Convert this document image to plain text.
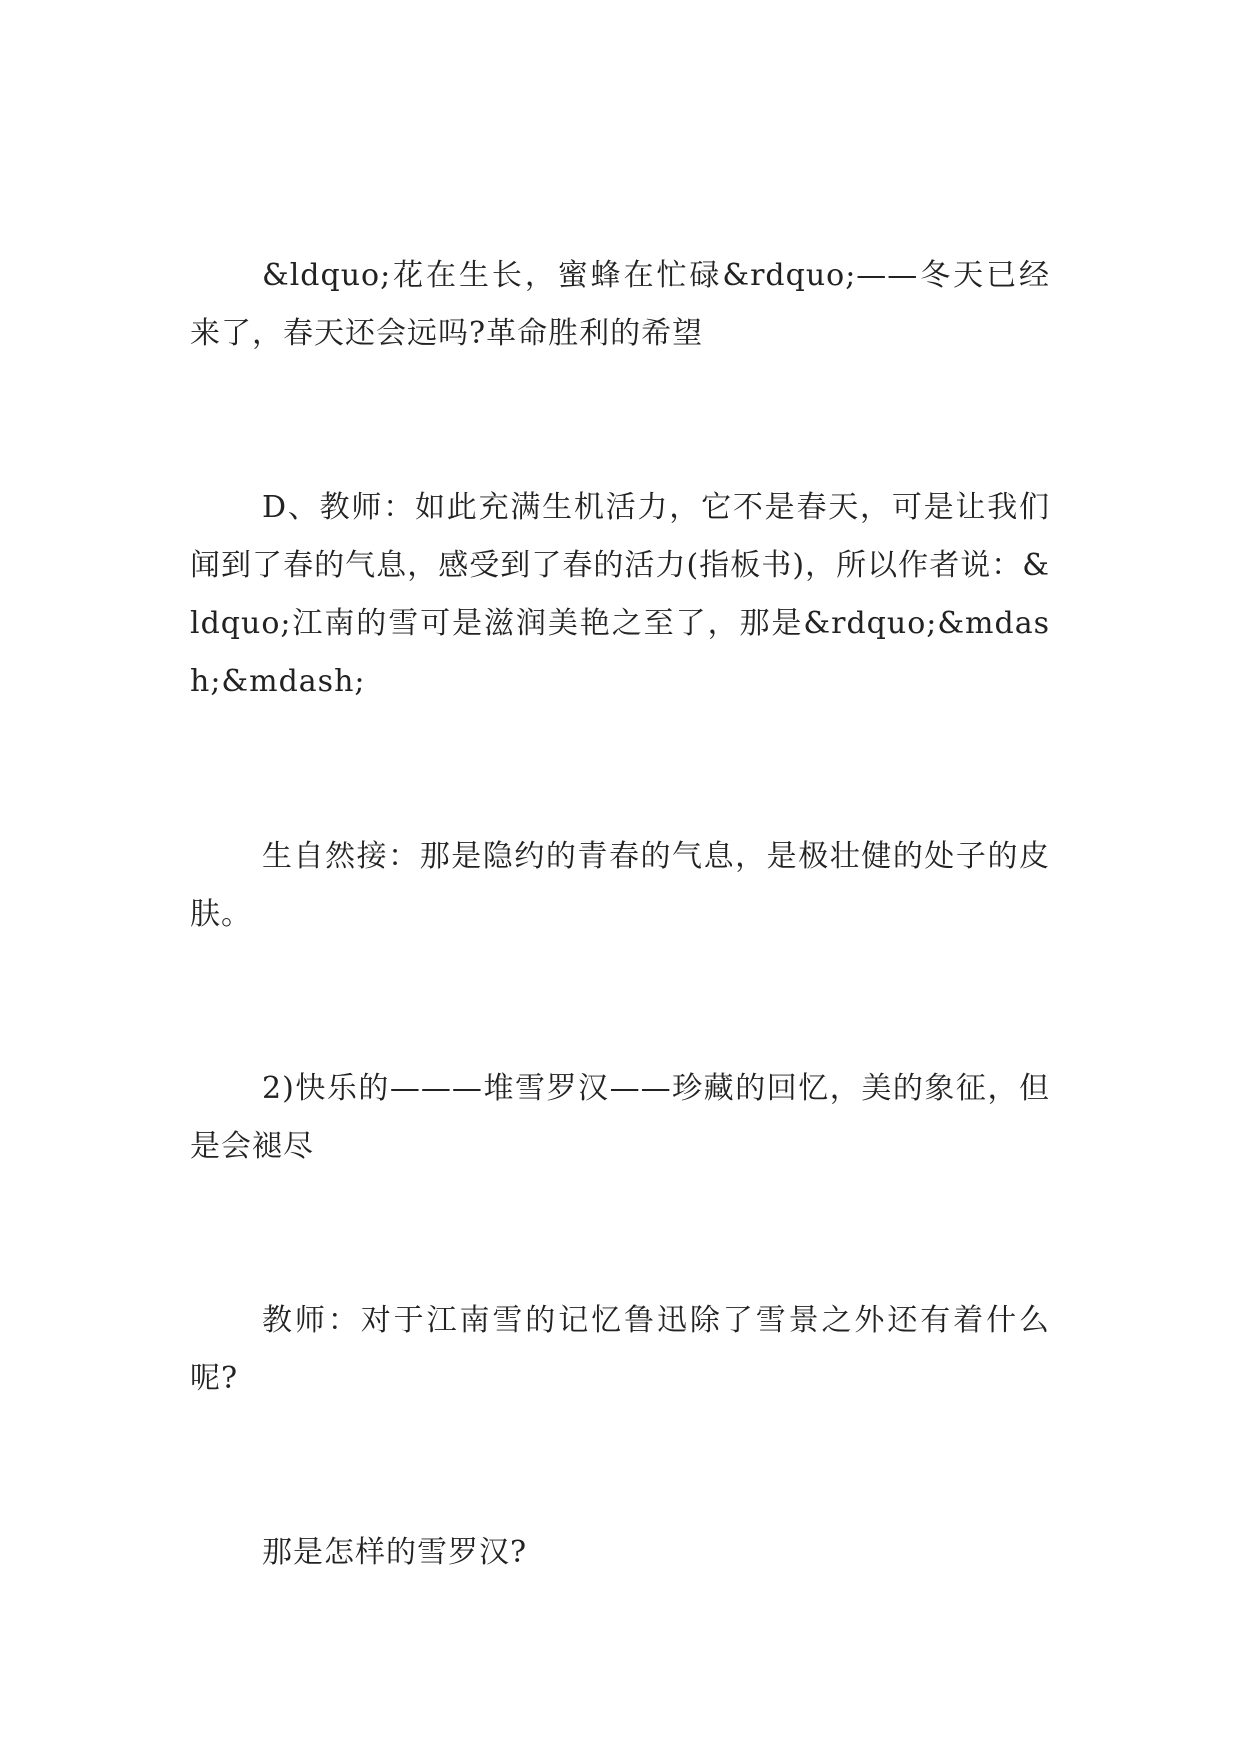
&ldquo;花在生长，蜜蜂在忙碌&rdquo;——冬天已经来了，春天还会远吗?革命胜利的希望

D、教师：如此充满生机活力，它不是春天，可是让我们闻到了春的气息，感受到了春的活力(指板书)，所以作者说：&ldquo;江南的雪可是滋润美艳之至了，那是&rdquo;&mdash;&mdash;

生自然接：那是隐约的青春的气息，是极壮健的处子的皮肤。

2)快乐的———堆雪罗汉——珍藏的回忆，美的象征，但是会褪尽

教师：对于江南雪的记忆鲁迅除了雪景之外还有着什么呢?

那是怎样的雪罗汉?
